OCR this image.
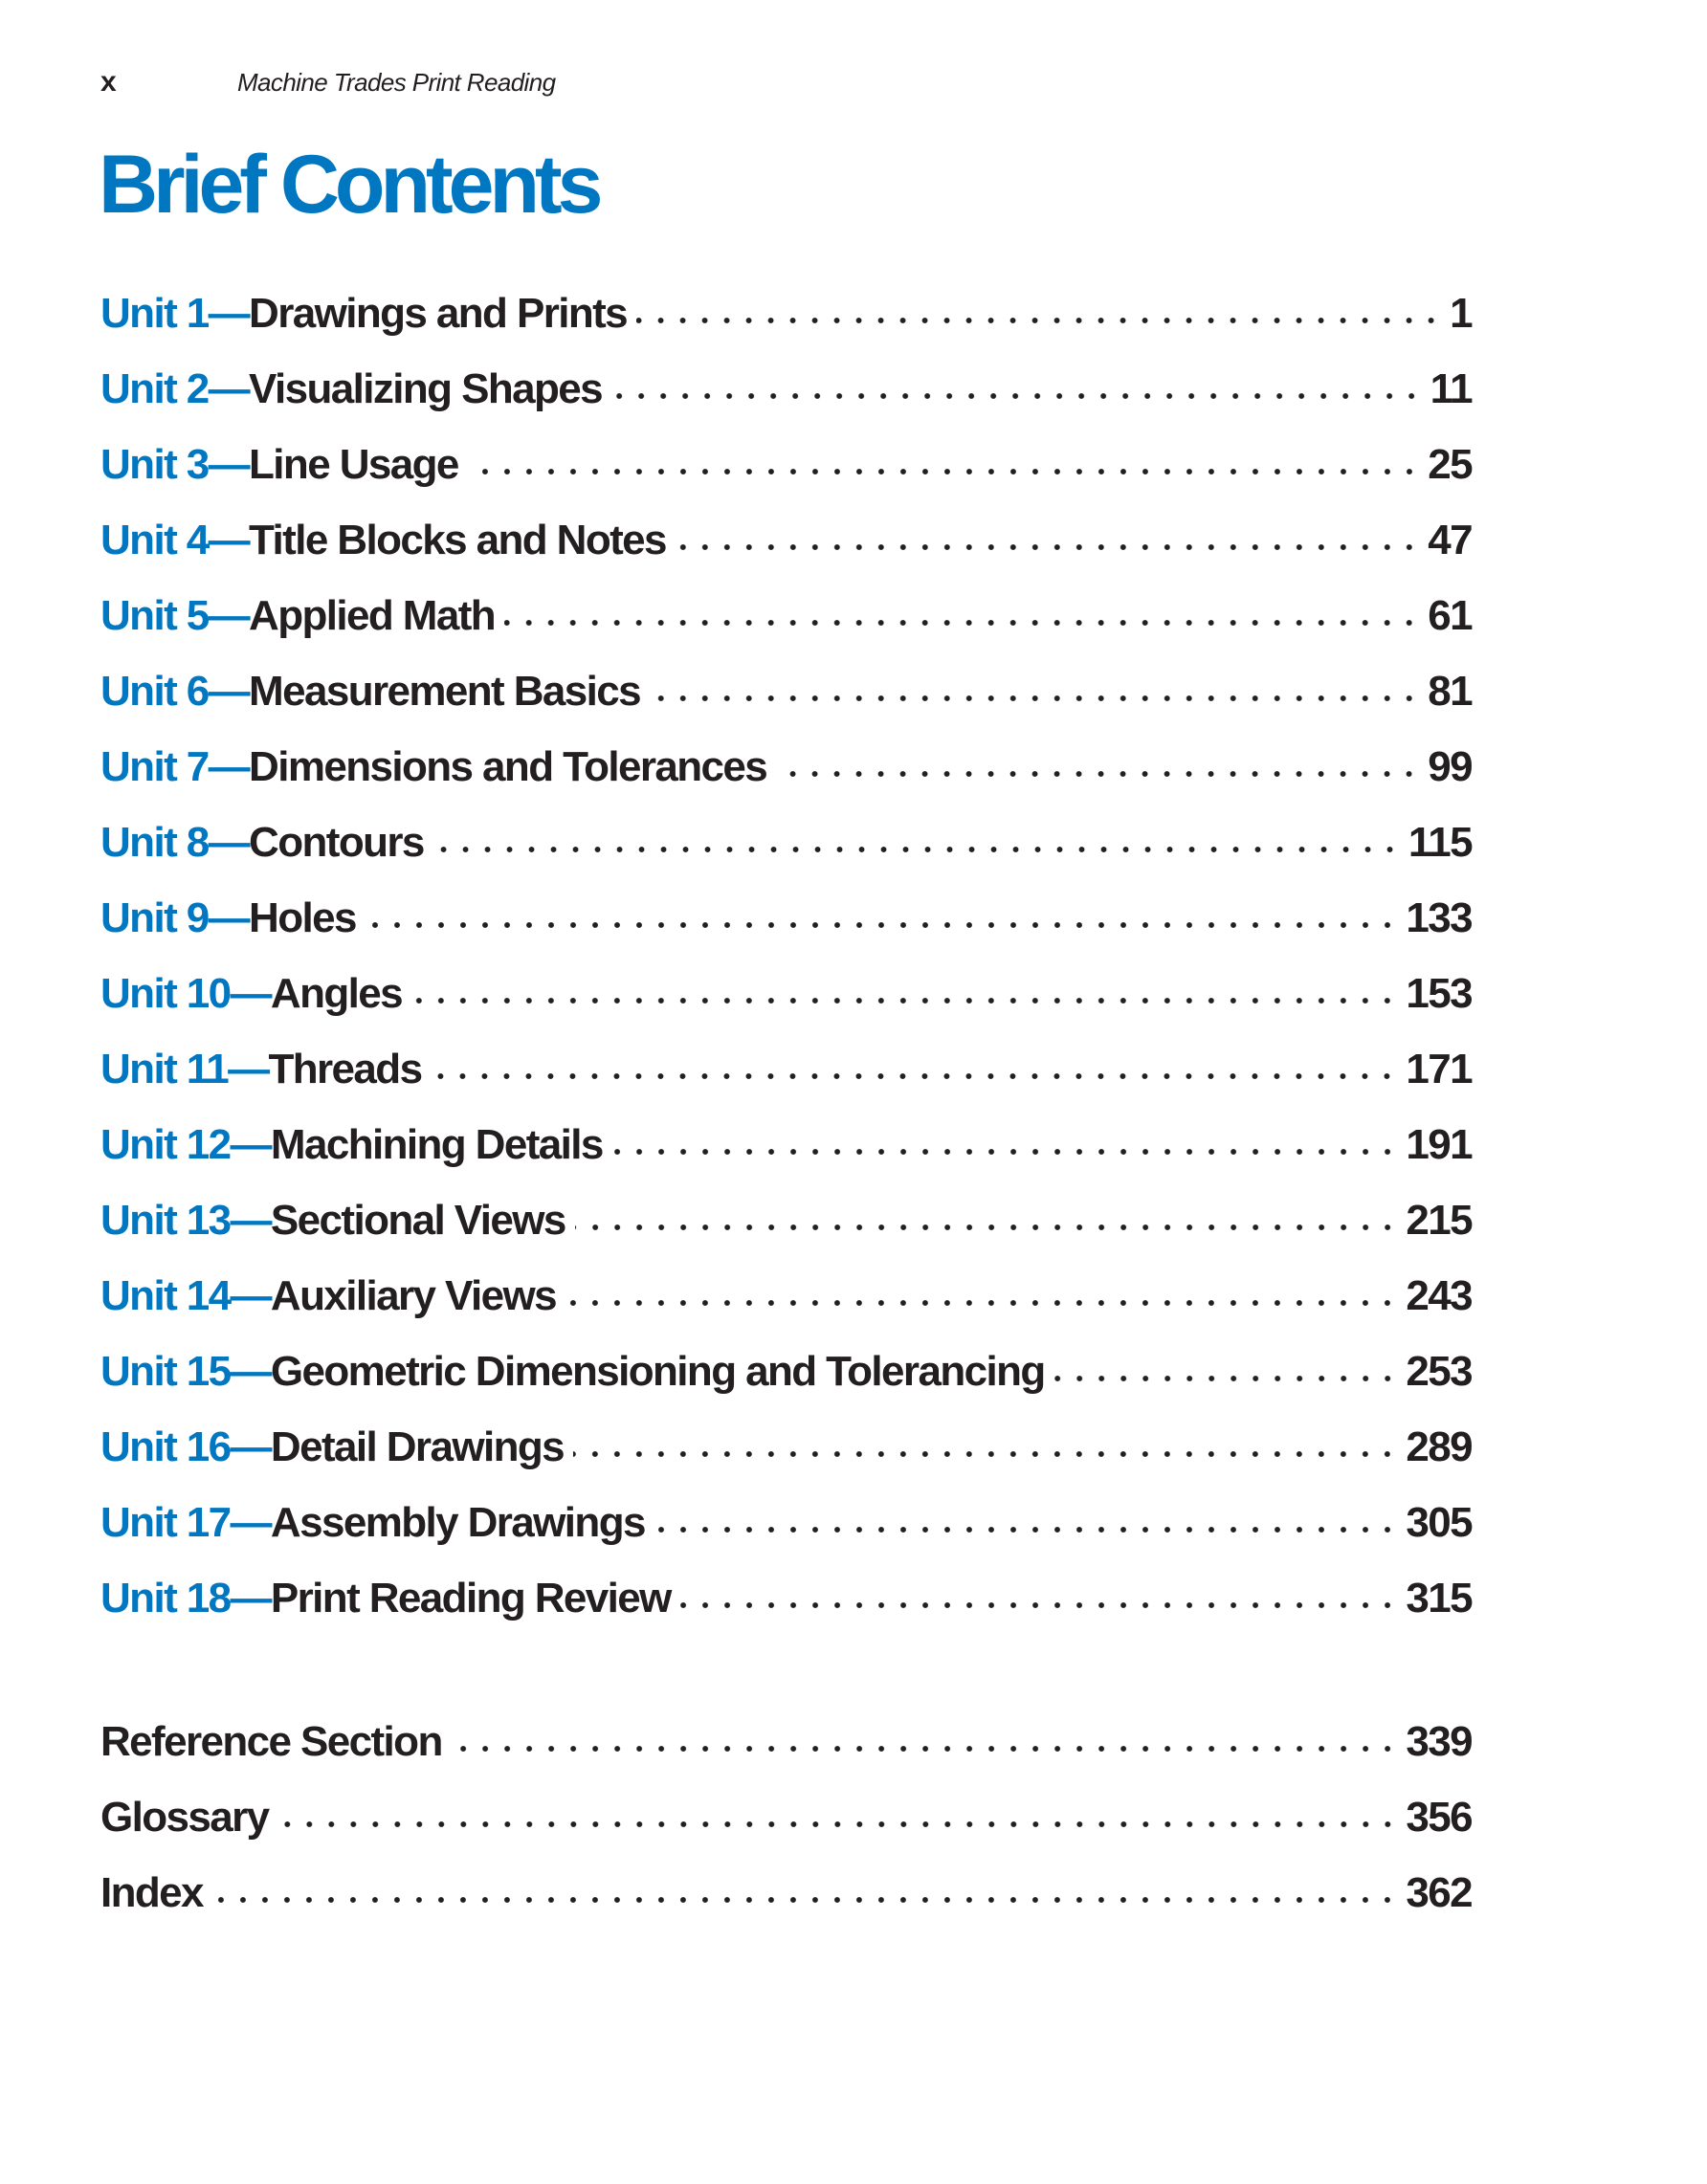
x	Machine Trades Print Reading
Brief Contents
Unit 1— Drawings and Prints	1
Unit 2— Visualizing Shapes	11
Unit 3— Line Usage	25
Unit 4— Title Blocks and Notes	47
Unit 5— Applied Math	61
Unit 6— Measurement Basics	81
Unit 7— Dimensions and Tolerances	99
Unit 8— Contours	115
Unit 9— Holes	133
Unit 10— Angles	153
Unit 11— Threads	171
Unit 12— Machining Details	191
Unit 13— Sectional Views	215
Unit 14— Auxiliary Views	243
Unit 15— Geometric Dimensioning and Tolerancing	253
Unit 16— Detail Drawings	289
Unit 17— Assembly Drawings	305
Unit 18— Print Reading Review	315
Reference Section	339
Glossary	356
Index	362
